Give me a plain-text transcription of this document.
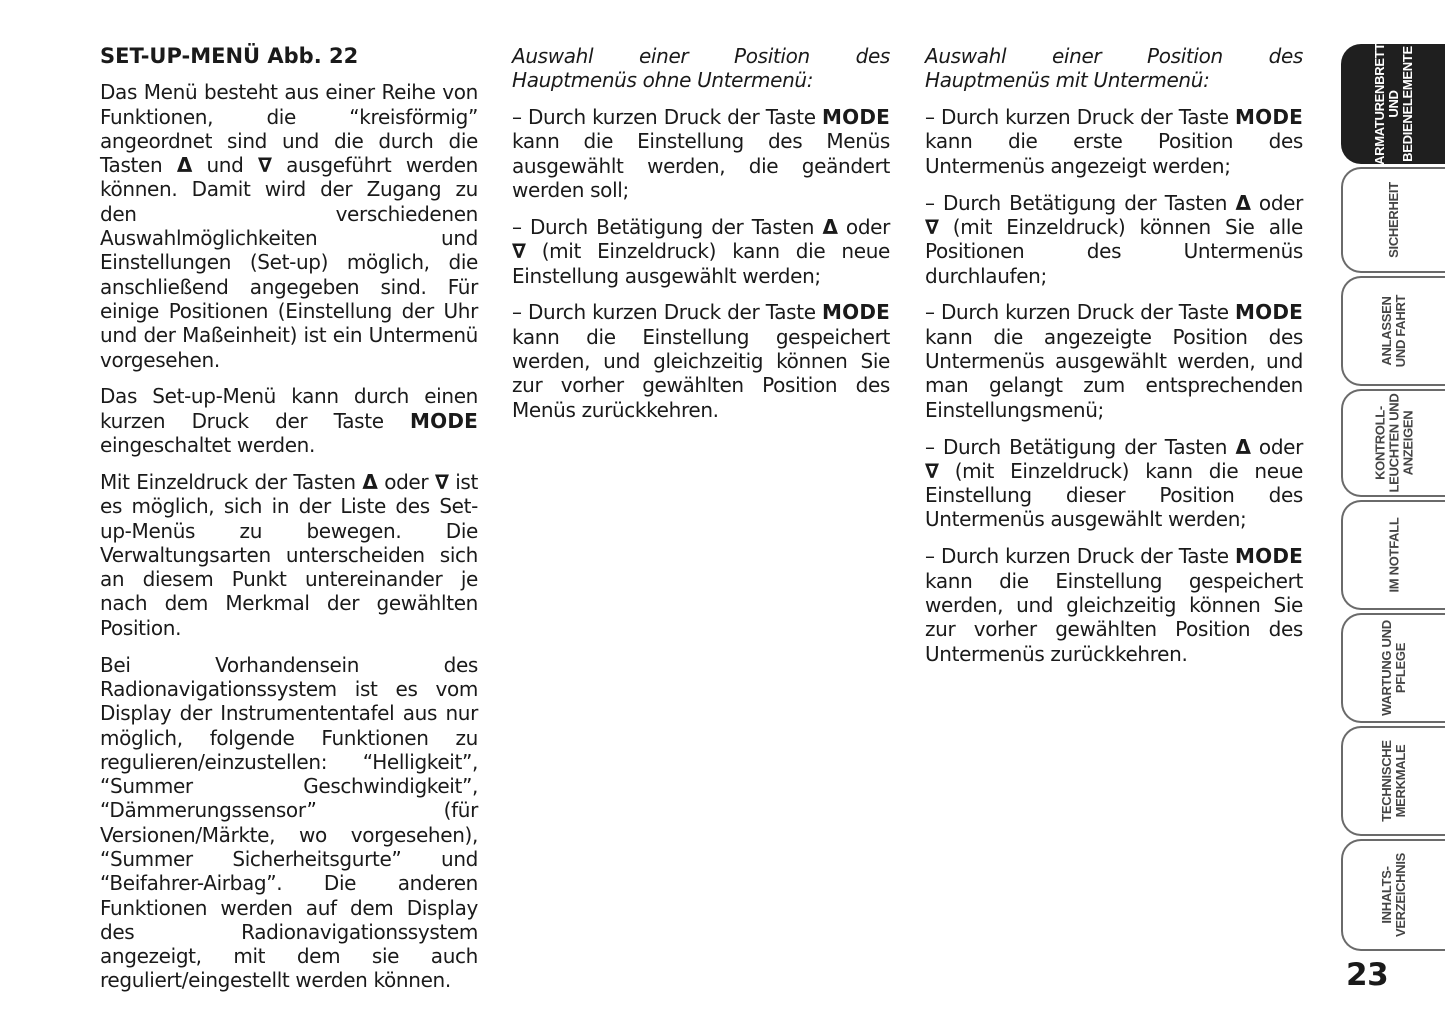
SET-UP-MENÜ Abb. 22

Das Menü besteht aus einer Reihe von Funktionen, die “kreisförmig” angeordnet sind und die durch die Tasten Δ und ∇ ausgeführt werden können. Damit wird der Zugang zu den verschiedenen Auswahlmöglichkeiten und Einstellungen (Set-up) möglich, die anschließend angegeben sind. Für einige Positionen (Einstellung der Uhr und der Maßeinheit) ist ein Untermenü vorgesehen.

Das Set-up-Menü kann durch einen kurzen Druck der Taste MODE eingeschaltet werden.

Mit Einzeldruck der Tasten Δ oder ∇ ist es möglich, sich in der Liste des Set-up-Menüs zu bewegen. Die Verwaltungsarten unterscheiden sich an diesem Punkt untereinander je nach dem Merkmal der gewählten Position.

Bei Vorhandensein des Radionavigationssystem ist es vom Display der Instrumententafel aus nur möglich, folgende Funktionen zu regulieren/einzustellen: “Helligkeit”, “Summer Geschwindigkeit”, “Dämmerungssensor” (für Versionen/Märkte, wo vorgesehen), “Summer Sicherheitsgurte” und “Beifahrer-Airbag”. Die anderen Funktionen werden auf dem Display des Radionavigationssystem angezeigt, mit dem sie auch reguliert/eingestellt werden können.

Auswahl einer Position des Hauptmenüs ohne Untermenü:

– Durch kurzen Druck der Taste MODE kann die Einstellung des Menüs ausgewählt werden, die geändert werden soll;

– Durch Betätigung der Tasten Δ oder ∇ (mit Einzeldruck) kann die neue Einstellung ausgewählt werden;

– Durch kurzen Druck der Taste MODE kann die Einstellung gespeichert werden, und gleichzeitig können Sie zur vorher gewählten Position des Menüs zurückkehren.

Auswahl einer Position des Hauptmenüs mit Untermenü:

– Durch kurzen Druck der Taste MODE kann die erste Position des Untermenüs angezeigt werden;

– Durch Betätigung der Tasten Δ oder ∇ (mit Einzeldruck) können Sie alle Positionen des Untermenüs durchlaufen;

– Durch kurzen Druck der Taste MODE kann die angezeigte Position des Untermenüs ausgewählt werden, und man gelangt zum entsprechenden Einstellungsmenü;

– Durch Betätigung der Tasten Δ oder ∇ (mit Einzeldruck) kann die neue Einstellung dieser Position des Untermenüs ausgewählt werden;

– Durch kurzen Druck der Taste MODE kann die Einstellung gespeichert werden, und gleichzeitig können Sie zur vorher gewählten Position des Untermenüs zurückkehren.

ARMATURENBRETT UND BEDIENELEMENTE
SICHERHEIT
ANLASSEN UND FAHRT
KONTROLL- LEUCHTEN UND ANZEIGEN
IM NOTFALL
WARTUNG UND PFLEGE
TECHNISCHE MERKMALE
INHALTS- VERZEICHNIS
23
